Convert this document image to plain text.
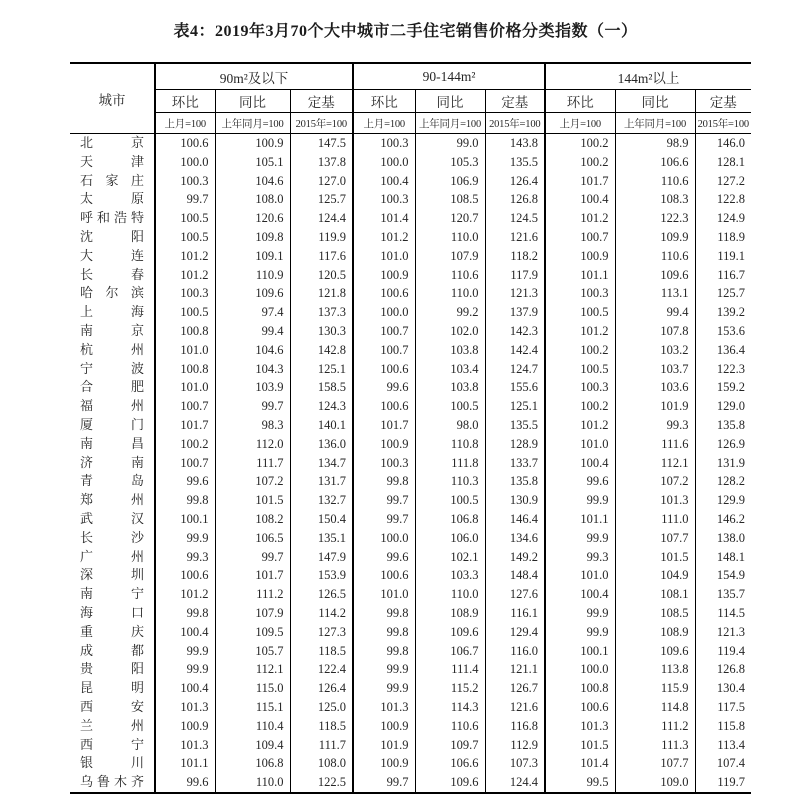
表4：2019年3月70个大中城市二手住宅销售价格分类指数（一）
城市	90m²及以下			90-144m²			144m²以上		
	环比	同比	定基	环比	同比	定基	环比	同比	定基
	上月=100	上年同月=100	2015年=100	上月=100	上年同月=100	2015年=100	上月=100	上年同月=100	2015年=100

北 京	100.6	100.9	147.5	100.3	99.0	143.8	100.2	98.9	146.0

天 津	100.0	105.1	137.8	100.0	105.3	135.5	100.2	106.6	128.1

石 家 庄	100.3	104.6	127.0	100.4	106.9	126.4	101.7	110.6	127.2

太 原	99.7	108.0	125.7	100.3	108.5	126.8	100.4	108.3	122.8

呼 和 浩 特	100.5	120.6	124.4	101.4	120.7	124.5	101.2	122.3	124.9

沈 阳	100.5	109.8	119.9	101.2	110.0	121.6	100.7	109.9	118.9

大 连	101.2	109.1	117.6	101.0	107.9	118.2	100.9	110.6	119.1

长 春	101.2	110.9	120.5	100.9	110.6	117.9	101.1	109.6	116.7

哈 尔 滨	100.3	109.6	121.8	100.6	110.0	121.3	100.3	113.1	125.7

上 海	100.5	97.4	137.3	100.0	99.2	137.9	100.5	99.4	139.2

南 京	100.8	99.4	130.3	100.7	102.0	142.3	101.2	107.8	153.6

杭 州	101.0	104.6	142.8	100.7	103.8	142.4	100.2	103.2	136.4

宁 波	100.8	104.3	125.1	100.6	103.4	124.7	100.5	103.7	122.3

合 肥	101.0	103.9	158.5	99.6	103.8	155.6	100.3	103.6	159.2

福 州	100.7	99.7	124.3	100.6	100.5	125.1	100.2	101.9	129.0

厦 门	101.7	98.3	140.1	101.7	98.0	135.5	101.2	99.3	135.8

南 昌	100.2	112.0	136.0	100.9	110.8	128.9	101.0	111.6	126.9

济 南	100.7	111.7	134.7	100.3	111.8	133.7	100.4	112.1	131.9

青 岛	99.6	107.2	131.7	99.8	110.3	135.8	99.6	107.2	128.2

郑 州	99.8	101.5	132.7	99.7	100.5	130.9	99.9	101.3	129.9

武 汉	100.1	108.2	150.4	99.7	106.8	146.4	101.1	111.0	146.2

长 沙	99.9	106.5	135.1	100.0	106.0	134.6	99.9	107.7	138.0

广 州	99.3	99.7	147.9	99.6	102.1	149.2	99.3	101.5	148.1

深 圳	100.6	101.7	153.9	100.6	103.3	148.4	101.0	104.9	154.9

南 宁	101.2	111.2	126.5	101.0	110.0	127.6	100.4	108.1	135.7

海 口	99.8	107.9	114.2	99.8	108.9	116.1	99.9	108.5	114.5

重 庆	100.4	109.5	127.3	99.8	109.6	129.4	99.9	108.9	121.3

成 都	99.9	105.7	118.5	99.8	106.7	116.0	100.1	109.6	119.4

贵 阳	99.9	112.1	122.4	99.9	111.4	121.1	100.0	113.8	126.8

昆 明	100.4	115.0	126.4	99.9	115.2	126.7	100.8	115.9	130.4

西 安	101.3	115.1	125.0	101.3	114.3	121.6	100.6	114.8	117.5

兰 州	100.9	110.4	118.5	100.9	110.6	116.8	101.3	111.2	115.8

西 宁	101.3	109.4	111.7	101.9	109.7	112.9	101.5	111.3	113.4

银 川	101.1	106.8	108.0	100.9	106.6	107.3	101.4	107.7	107.4

乌 鲁 木 齐	99.6	110.0	122.5	99.7	109.6	124.4	99.5	109.0	119.7
